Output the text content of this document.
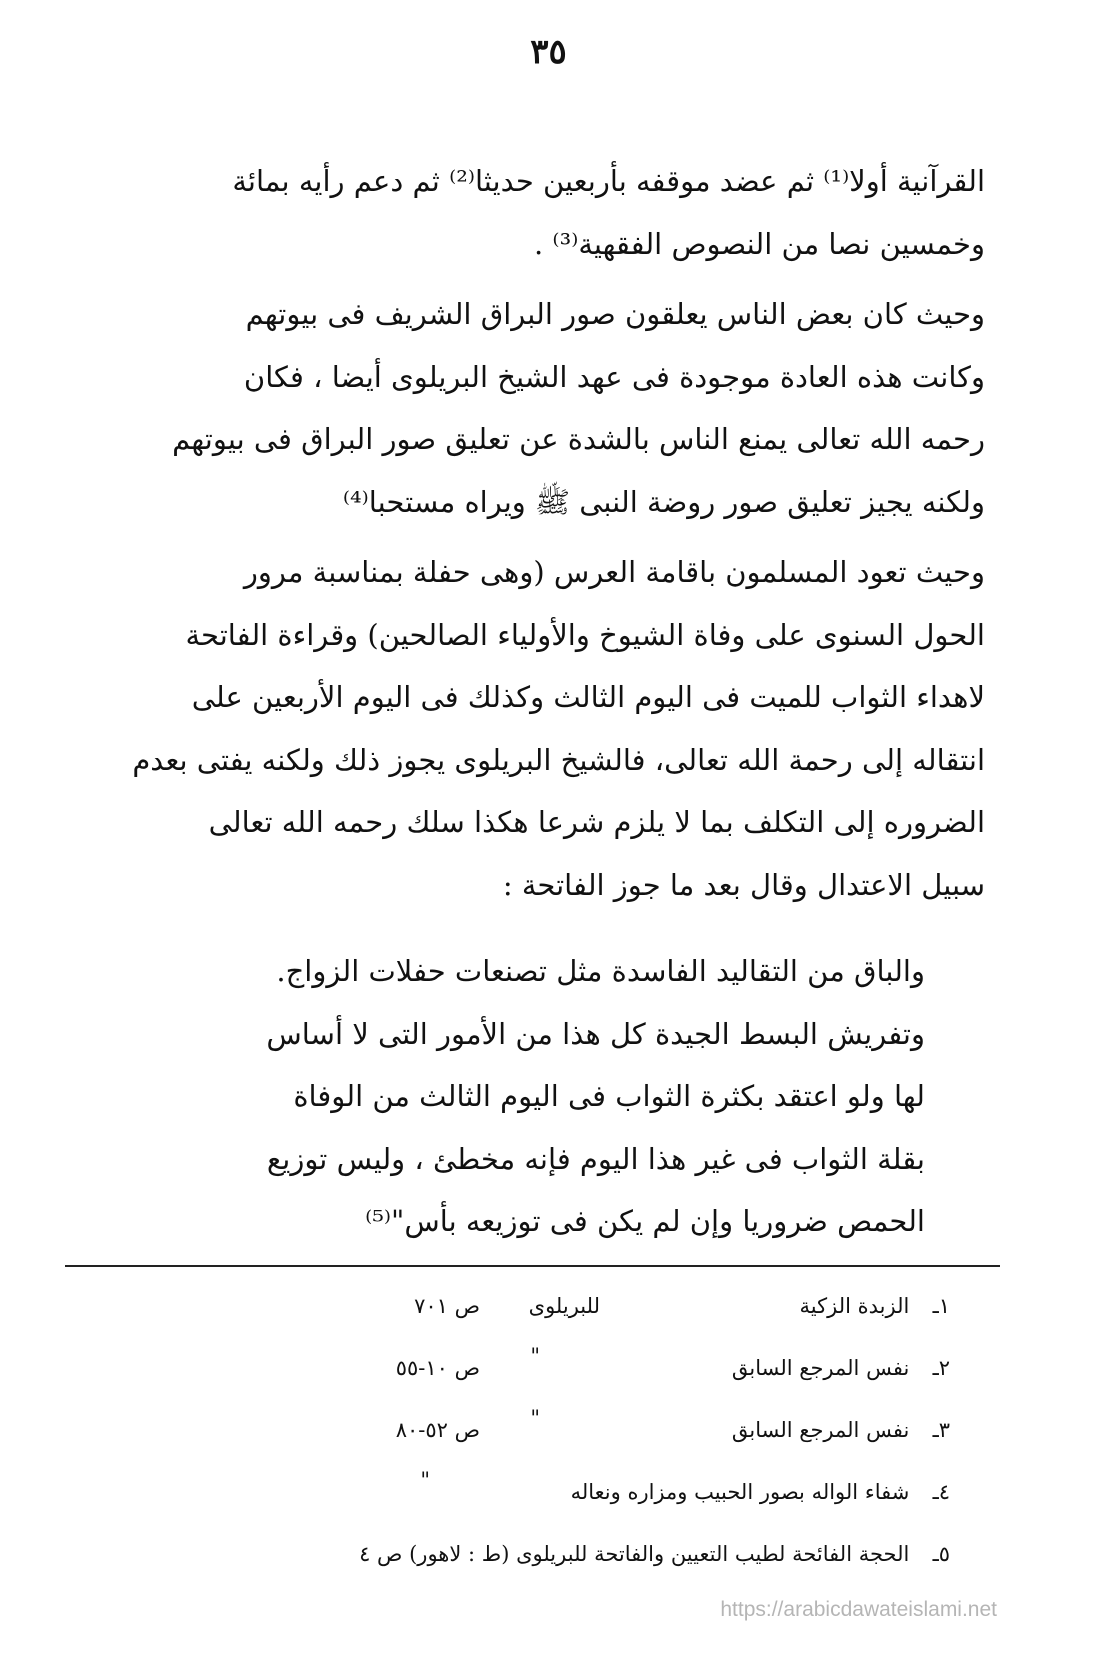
٣٥

القرآنية أولا⁽¹⁾ ثم عضد موقفه بأربعين حديثا⁽²⁾ ثم دعم رأيه بمائة
وخمسين نصا من النصوص الفقهية⁽³⁾ .

وحيث كان بعض الناس يعلقون صور البراق الشريف فى بيوتهم
وكانت هذه العادة موجودة فى عهد الشيخ البريلوى أيضا ، فكان
رحمه الله تعالى يمنع الناس بالشدة عن تعليق صور البراق فى بيوتهم
ولكنه يجيز تعليق صور روضة النبى ﷺ ويراه مستحبا⁽⁴⁾

وحيث تعود المسلمون باقامة العرس (وهى حفلة بمناسبة مرور
الحول السنوى على وفاة الشيوخ والأولياء الصالحين) وقراءة الفاتحة
لاهداء الثواب للميت فى اليوم الثالث وكذلك فى اليوم الأربعين على
انتقاله إلى رحمة الله تعالى، فالشيخ البريلوى يجوز ذلك ولكنه يفتى بعدم
الضروره إلى التكلف بما لا يلزم شرعا هكذا سلك رحمه الله تعالى
سبيل الاعتدال وقال بعد ما جوز الفاتحة :

والباق من التقاليد الفاسدة مثل تصنعات حفلات الزواج.
وتفريش البسط الجيدة كل هذا من الأمور التى لا أساس
لها ولو اعتقد بكثرة الثواب فى اليوم الثالث من الوفاة
بقلة الثواب فى غير هذا اليوم فإنه مخطئ ، وليس توزيع
الحمص ضروريا وإن لم يكن فى توزيعه بأس"⁽⁵⁾
١ـ الزبدة الزكية
للبريلوى
ص ٧٠١
٢ـ نفس المرجع السابق
"
ص ١٠-٥٥
٣ـ نفس المرجع السابق
"
ص ٥٢-٨٠
٤ـ شفاء الواله بصور الحبيب ومزاره ونعاله
"
٥ـ الحجة الفائحة لطيب التعيين والفاتحة للبريلوى (ط : لاهور) ص ٤
https://arabicdawateislami.net
